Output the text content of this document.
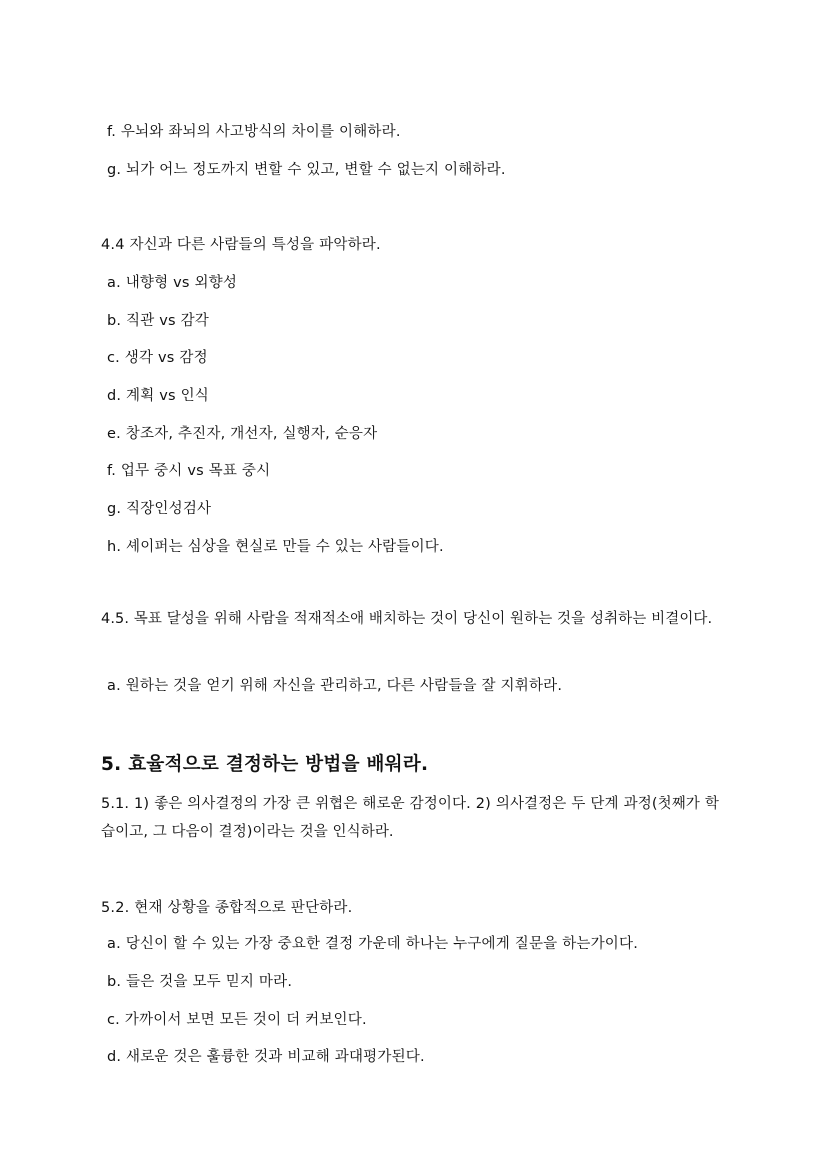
f. 우뇌와 좌뇌의 사고방식의 차이를 이해하라.
g. 뇌가 어느 정도까지 변할 수 있고, 변할 수 없는지 이해하라.
4.4 자신과 다른 사람들의 특성을 파악하라.
a. 내향형 vs 외향성
b. 직관 vs 감각
c. 생각 vs 감정
d. 계획 vs 인식
e. 창조자, 추진자, 개선자, 실행자, 순응자
f. 업무 중시 vs 목표 중시
g. 직장인성검사
h. 셰이퍼는 심상을 현실로 만들 수 있는 사람들이다.
4.5. 목표 달성을 위해 사람을 적재적소애 배치하는 것이 당신이 원하는 것을 성취하는 비결이다.
a. 원하는 것을 얻기 위해 자신을 관리하고, 다른 사람들을 잘 지휘하라.
5. 효율적으로 결정하는 방법을 배워라.
5.1. 1) 좋은 의사결정의 가장 큰 위협은 해로운 감정이다. 2) 의사결정은 두 단계 과정(첫째가 학습이고, 그 다음이 결정)이라는 것을 인식하라.
5.2. 현재 상황을 종합적으로 판단하라.
a. 당신이 할 수 있는 가장 중요한 결정 가운데 하나는 누구에게 질문을 하는가이다.
b. 들은 것을 모두 믿지 마라.
c. 가까이서 보면 모든 것이 더 커보인다.
d. 새로운 것은 훌륭한 것과 비교해 과대평가된다.
